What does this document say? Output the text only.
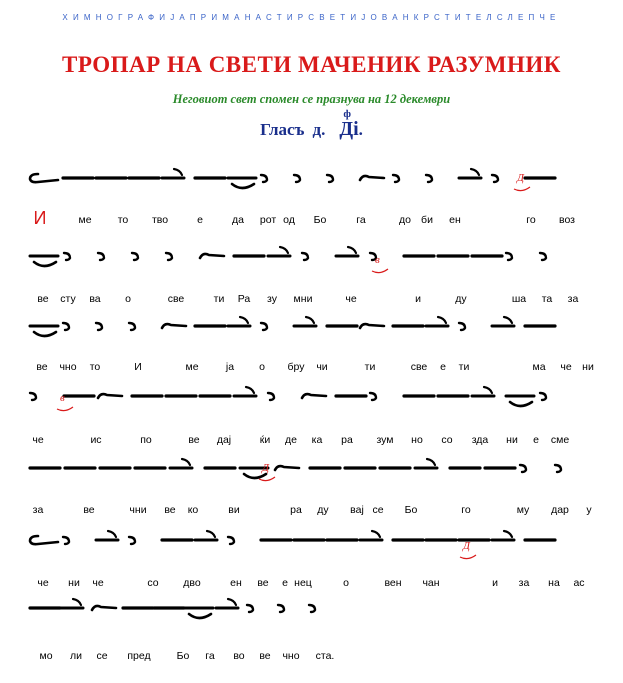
ХИМНОГРАФИЈАПРИМАНАСТИРСВЕТИЈОВАНКРСТИТЕЛСЛЕПЧЕ
ТРОПАР НА СВЕТИ МАЧЕНИК РАЗУМНИК
Неговиот свет спомен се празнува на 12 декември
Гласъ д. Дi
ф
.
И	ме то тво	е	да рот од Бо	га	до би ен	го воз
ве сту ва о	све	ти Ра зу мни	че	и	ду	ша та за
ве чно то	И	ме	ја о бру чи	ти	све е ти	ма че ни
че	ис	по	ве дај	ќи де ка ра зум но со зда ни е сме
за	ве	чни ве ко	ви	ра ду вај се Бо	го	му дар у
че ни че	со дво	ен ве е нец	о	вен чан	и за на ас
мо ли се пред Бо га во ве чно ста.
Д
в
в
Д
Д
